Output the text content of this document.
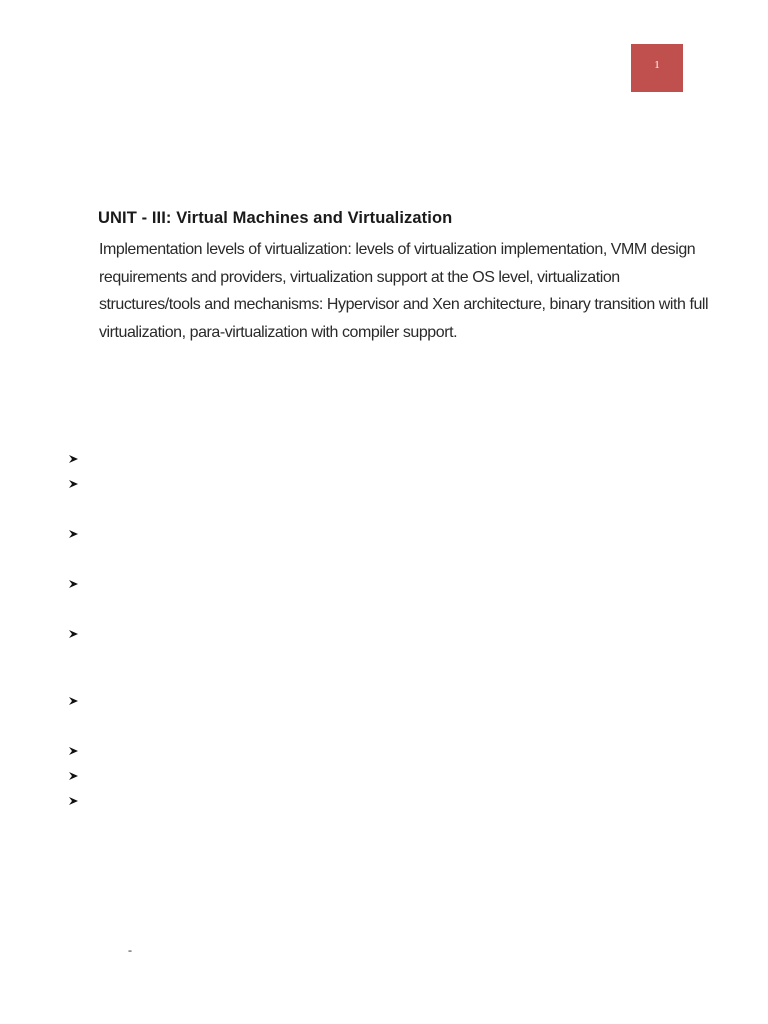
1
UNIT - III: Virtual Machines and Virtualization

Implementation levels of virtualization: levels of virtualization implementation, VMM design requirements and providers, virtualization support at the OS level, virtualization structures/tools and mechanisms: Hypervisor and Xen architecture, binary transition with full virtualization, para-virtualization with compiler support.

-
